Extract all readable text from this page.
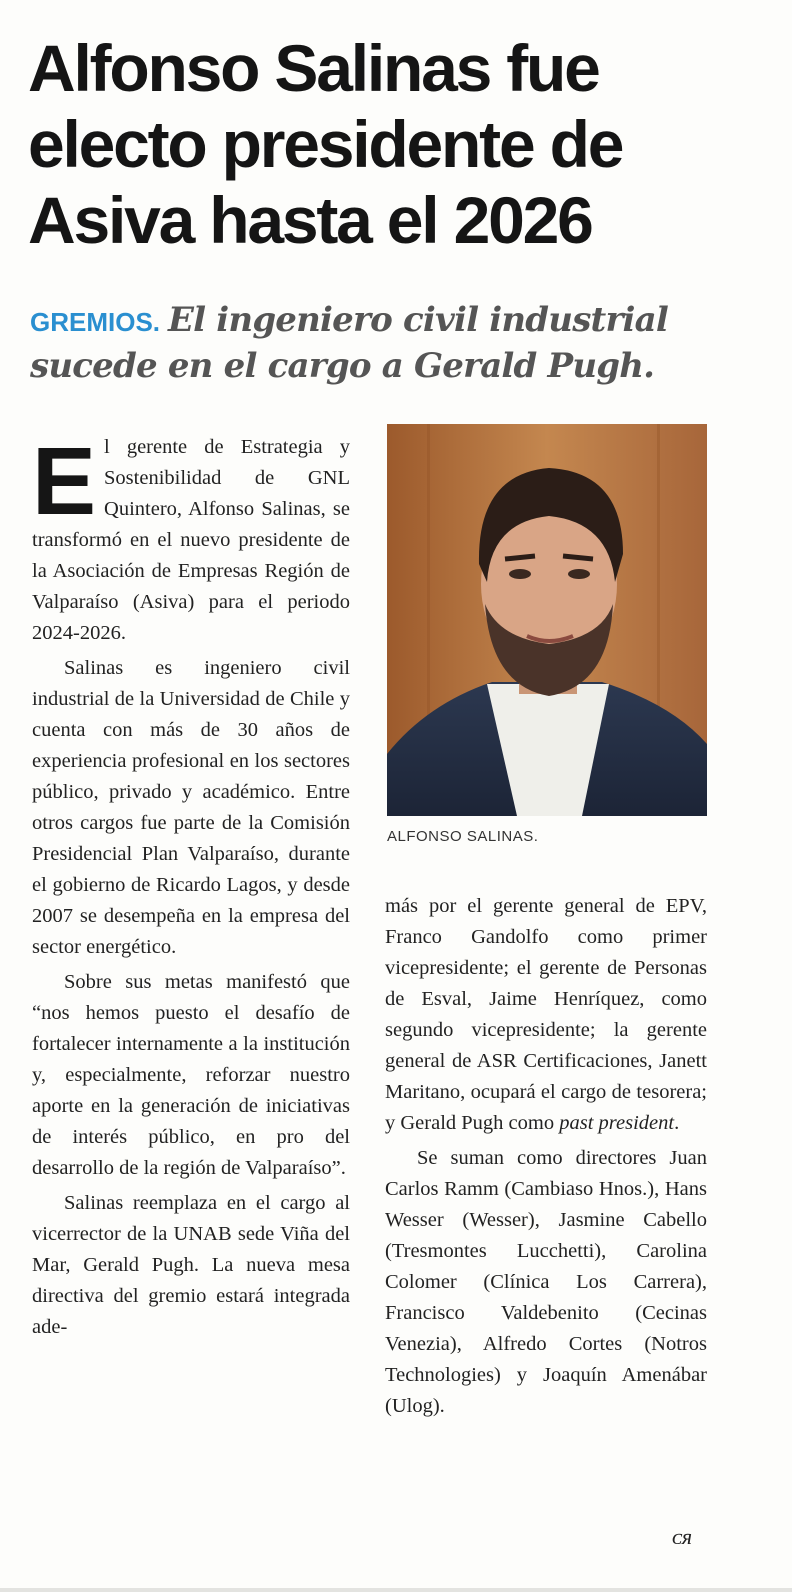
Alfonso Salinas fue
electo presidente de
Asiva hasta el 2026

GREMIOS. El ingeniero civil industrial sucede en el cargo a Gerald Pugh.

El gerente de Estrategia y Sostenibilidad de GNL Quintero, Alfonso Salinas, se transformó en el nuevo presidente de la Asociación de Empresas Región de Valparaíso (Asiva) para el periodo 2024-2026.

Salinas es ingeniero civil industrial de la Universidad de Chile y cuenta con más de 30 años de experiencia profesional en los sectores público, privado y académico. Entre otros cargos fue parte de la Comisión Presidencial Plan Valparaíso, durante el gobierno de Ricardo Lagos, y desde 2007 se desempeña en la empresa del sector energético.

Sobre sus metas manifestó que “nos hemos puesto el desafío de fortalecer internamente a la institución y, especialmente, reforzar nuestro aporte en la generación de iniciativas de interés público, en pro del desarrollo de la región de Valparaíso”.

Salinas reemplaza en el cargo al vicerrector de la UNAB sede Viña del Mar, Gerald Pugh. La nueva mesa directiva del gremio estará integrada ade-

ALFONSO SALINAS.

más por el gerente general de EPV, Franco Gandolfo como primer vicepresidente; el gerente de Personas de Esval, Jaime Henríquez, como segundo vicepresidente; la gerente general de ASR Certificaciones, Janett Maritano, ocupará el cargo de tesorera; y Gerald Pugh como past president.

Se suman como directores Juan Carlos Ramm (Cambiaso Hnos.), Hans Wesser (Wesser), Jasmine Cabello (Tresmontes Lucchetti), Carolina Colomer (Clínica Los Carrera), Francisco Valdebenito (Cecinas Venezia), Alfredo Cortes (Notros Technologies) y Joaquín Amenábar (Ulog).

ᴄᴙ
